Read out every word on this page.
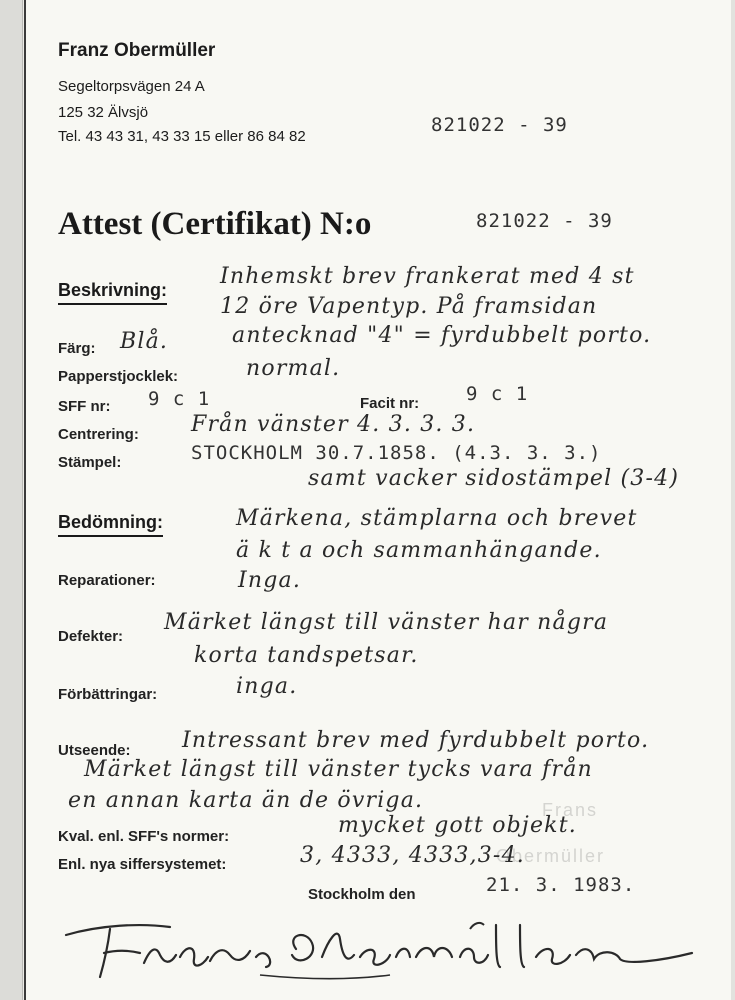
Franz Obermüller
Segeltorpsvägen 24 A
125 32 Älvsjö
Tel. 43 43 31, 43 33 15 eller 86 84 82
821022 - 39
Attest (Certifikat) N:o	821022 - 39
Beskrivning:
Inhemskt brev frankerat med 4 st
12 öre Vapentyp. På framsidan
antecknad "4" = fyrdubbelt porto.
Färg: Blå.
Papperstjocklek:	normal.
SFF nr: 9 c 1	Facit nr: 9 c 1
Centrering: Från vänster 4. 3. 3. 3.
Stämpel:	STOCKHOLM 30.7.1858. (4.3. 3. 3.)
samt vacker sidostämpel (3-4)
Bedömning:	Märkena, stämplarna och brevet
ä k t a och sammanhängande.
Reparationer:	Inga.
Defekter:
Märket längst till vänster har några
korta tandspetsar.
Förbättringar:	inga.
Utseende: Intressant brev med fyrdubbelt porto.
Märket längst till vänster tycks vara från
en annan karta än de övriga.	Frans
Obermüller
Kval. enl. SFF's normer:	mycket gott objekt.
Enl. nya siffersystemet:	3, 4333, 4333,3-4.
Stockholm den	21. 3. 1983.
